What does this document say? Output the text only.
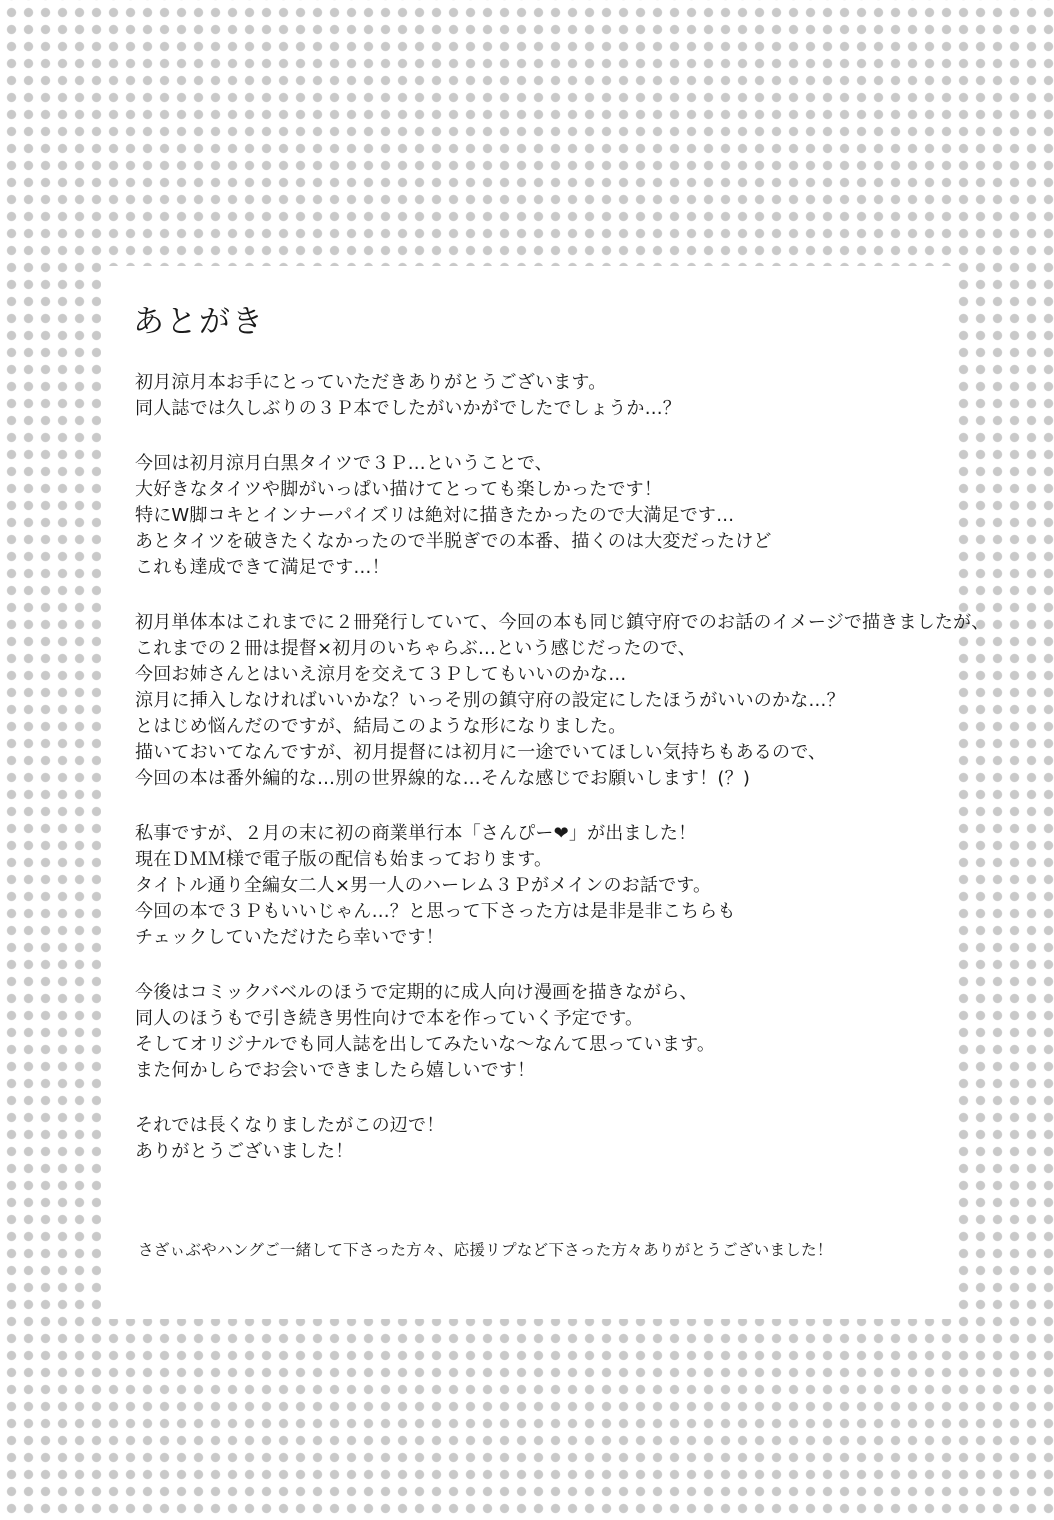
あとがき
初月涼月本お手にとっていただきありがとうございます。
同人誌では久しぶりの３Ｐ本でしたがいかがでしたでしょうか…？
今回は初月涼月白黒タイツで３Ｐ…ということで、
大好きなタイツや脚がいっぱい描けてとっても楽しかったです！
特にW脚コキとインナーパイズリは絶対に描きたかったので大満足です…
あとタイツを破きたくなかったので半脱ぎでの本番、描くのは大変だったけど
これも達成できて満足です…！
初月単体本はこれまでに２冊発行していて、今回の本も同じ鎮守府でのお話のイメージで描きましたが、
これまでの２冊は提督×初月のいちゃらぶ…という感じだったので、
今回お姉さんとはいえ涼月を交えて３Ｐしてもいいのかな…
涼月に挿入しなければいいかな？いっそ別の鎮守府の設定にしたほうがいいのかな…？
とはじめ悩んだのですが、結局このような形になりました。
描いておいてなんですが、初月提督には初月に一途でいてほしい気持ちもあるので、
今回の本は番外編的な…別の世界線的な…そんな感じでお願いします！(？)
私事ですが、２月の末に初の商業単行本「さんぴー❤」が出ました！
現在ＤＭＭ様で電子版の配信も始まっております。
タイトル通り全編女二人×男一人のハーレム３Ｐがメインのお話です。
今回の本で３Ｐもいいじゃん…？と思って下さった方は是非是非こちらも
チェックしていただけたら幸いです！
今後はコミックバベルのほうで定期的に成人向け漫画を描きながら、
同人のほうもで引き続き男性向けで本を作っていく予定です。
そしてオリジナルでも同人誌を出してみたいな～なんて思っています。
また何かしらでお会いできましたら嬉しいです！
それでは長くなりましたがこの辺で！
ありがとうございました！
さざぃぶやハングご一緒して下さった方々、応援リプなど下さった方々ありがとうございました！
